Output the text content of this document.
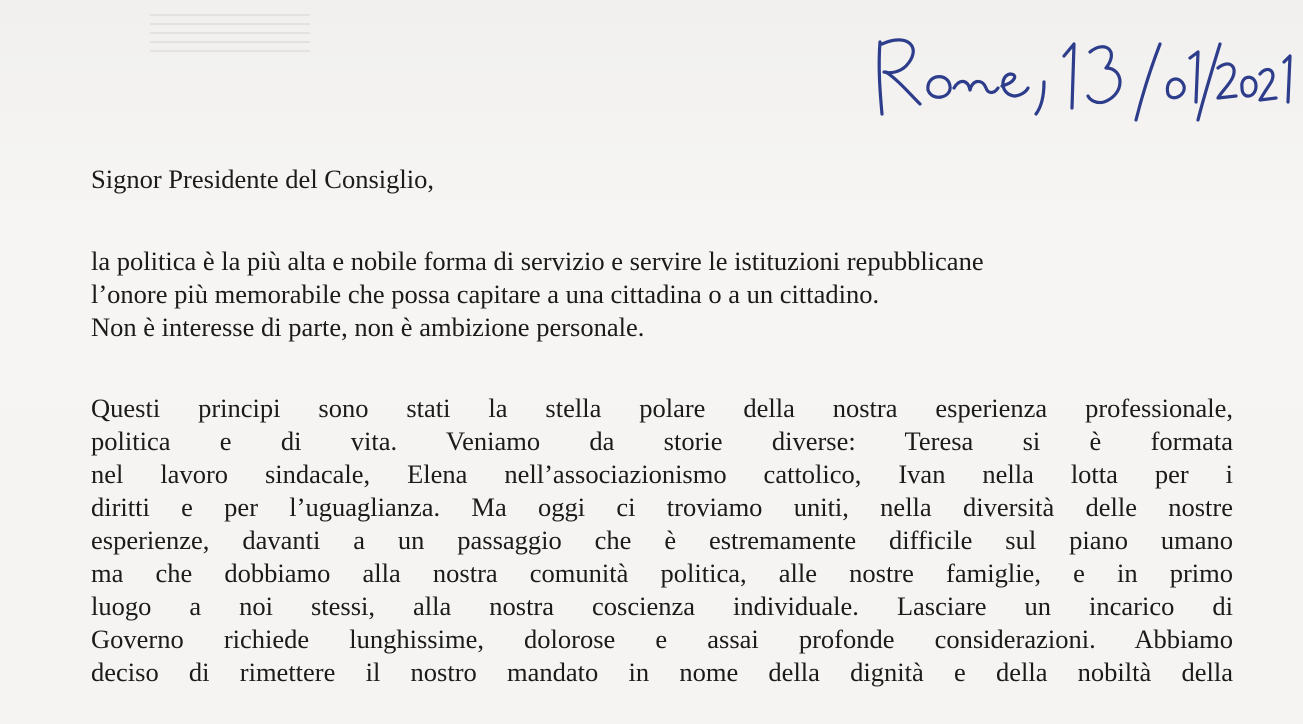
Signor Presidente del Consiglio,
la politica è la più alta e nobile forma di servizio e servire le istituzioni repubblicane
l’onore più memorabile che possa capitare a una cittadina o a un cittadino.
Non è interesse di parte, non è ambizione personale.
Questi principi sono stati la stella polare della nostra esperienza professionale,
politica e di vita. Veniamo da storie diverse: Teresa si è formata
nel lavoro sindacale, Elena nell’associazionismo cattolico, Ivan nella lotta per i
diritti e per l’uguaglianza. Ma oggi ci troviamo uniti, nella diversità delle nostre
esperienze, davanti a un passaggio che è estremamente difficile sul piano umano
ma che dobbiamo alla nostra comunità politica, alle nostre famiglie, e in primo
luogo a noi stessi, alla nostra coscienza individuale. Lasciare un incarico di
Governo richiede lunghissime, dolorose e assai profonde considerazioni. Abbiamo
deciso di rimettere il nostro mandato in nome della dignità e della nobiltà della
